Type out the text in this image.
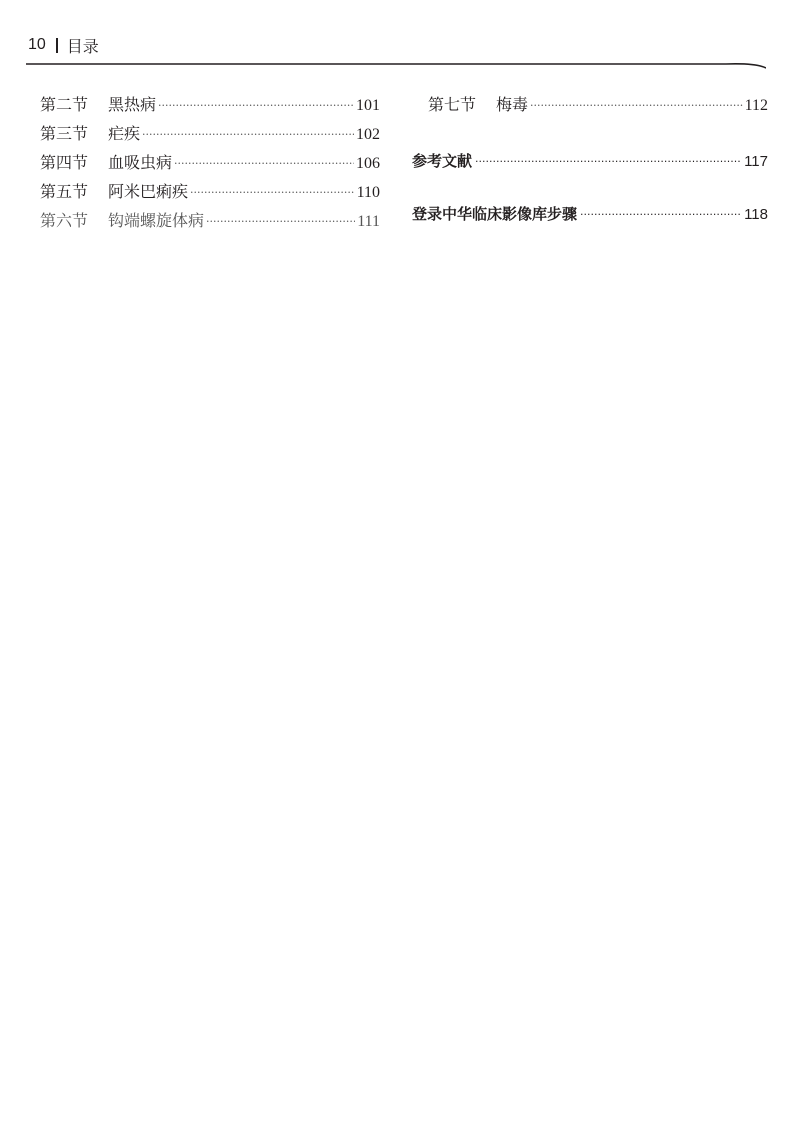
10 目录
第二节	黑热病 ·····	101
第三节	疟疾 ·····	102
第四节	血吸虫病 ·····	106
第五节	阿米巴痢疾 ·····	110
第六节	钩端螺旋体病 ·····	111
第七节	梅毒 ·····	112
参考文献 ·····	117
登录中华临床影像库步骤 ·····	118
